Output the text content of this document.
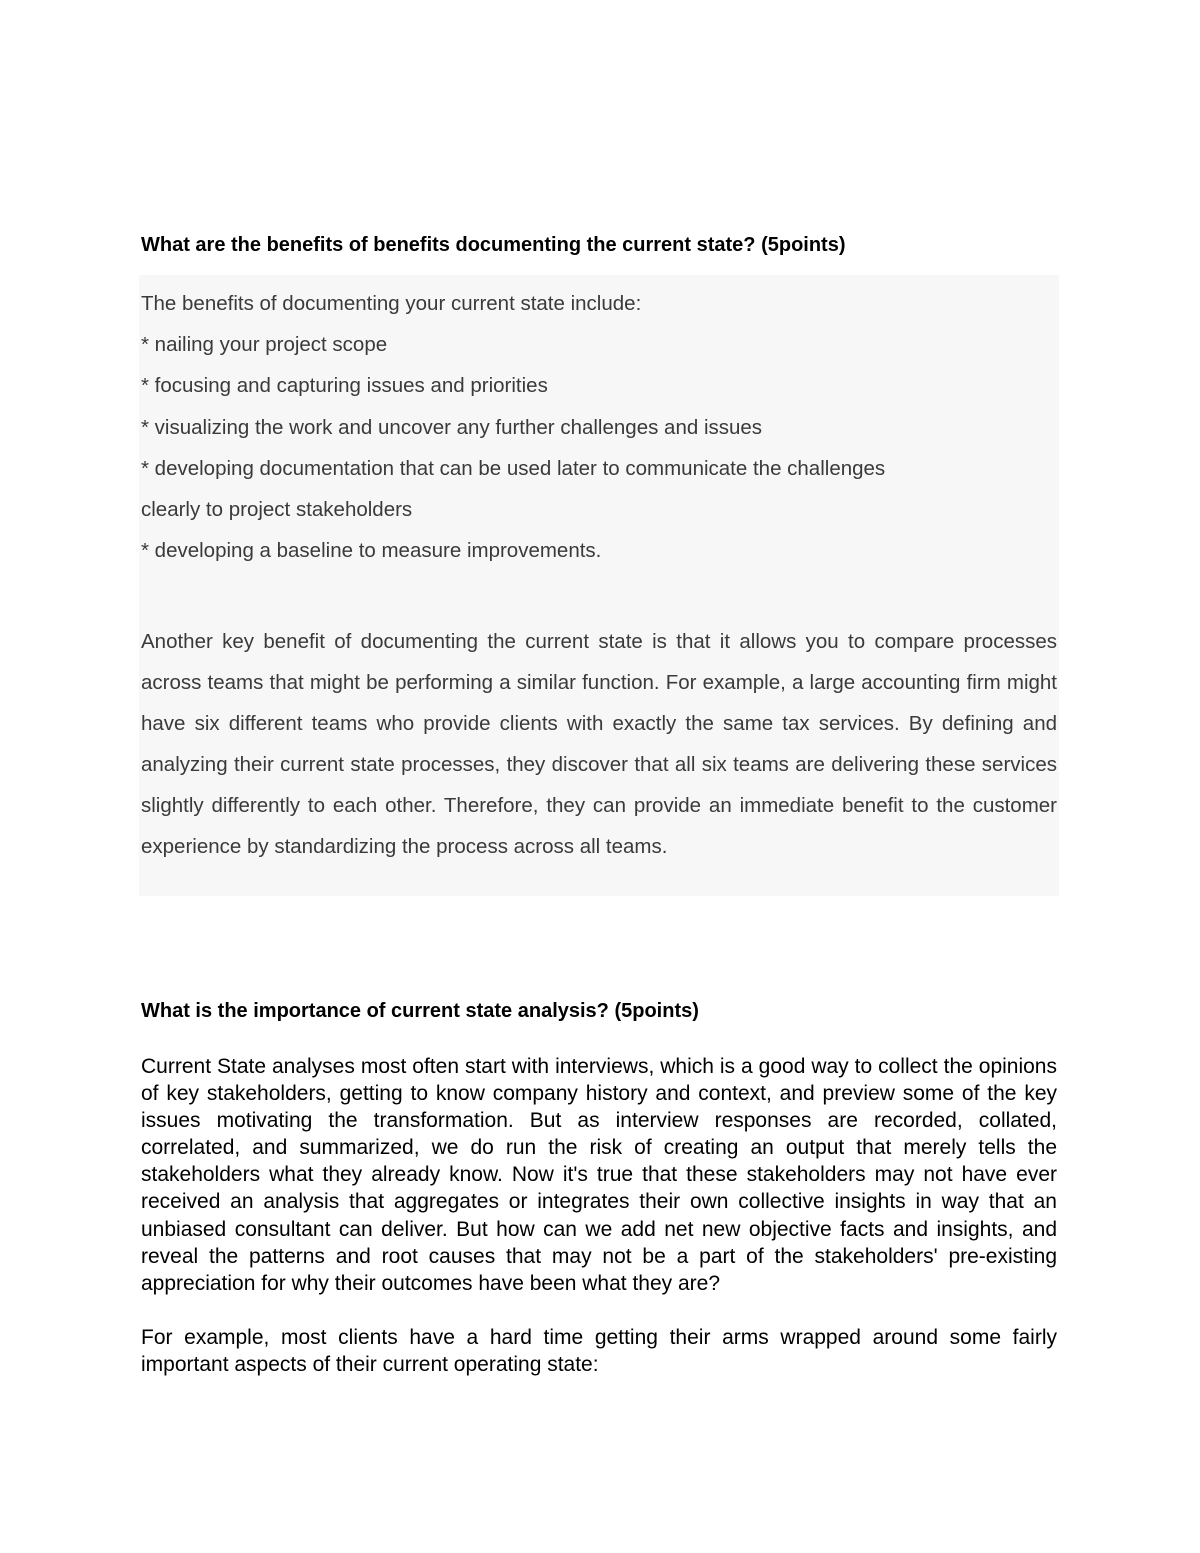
What are the benefits of benefits documenting the current state? (5points)
The benefits of documenting your current state include:
* nailing your project scope
* focusing and capturing issues and priorities
* visualizing the work and uncover any further challenges and issues
* developing documentation that can be used later to communicate the challenges
clearly to project stakeholders
* developing a baseline to measure improvements.

Another key benefit of documenting the current state is that it allows you to compare processes across teams that might be performing a similar function. For example, a large accounting firm might have six different teams who provide clients with exactly the same tax services. By defining and analyzing their current state processes, they discover that all six teams are delivering these services slightly differently to each other. Therefore, they can provide an immediate benefit to the customer experience by standardizing the process across all teams.

What is the importance of current state analysis? (5points)

Current State analyses most often start with interviews, which is a good way to collect the opinions of key stakeholders, getting to know company history and context, and preview some of the key issues motivating the transformation. But as interview responses are recorded, collated, correlated, and summarized, we do run the risk of creating an output that merely tells the stakeholders what they already know. Now it's true that these stakeholders may not have ever received an analysis that aggregates or integrates their own collective insights in way that an unbiased consultant can deliver. But how can we add net new objective facts and insights, and reveal the patterns and root causes that may not be a part of the stakeholders' pre-existing appreciation for why their outcomes have been what they are?

For example, most clients have a hard time getting their arms wrapped around some fairly important aspects of their current operating state:
